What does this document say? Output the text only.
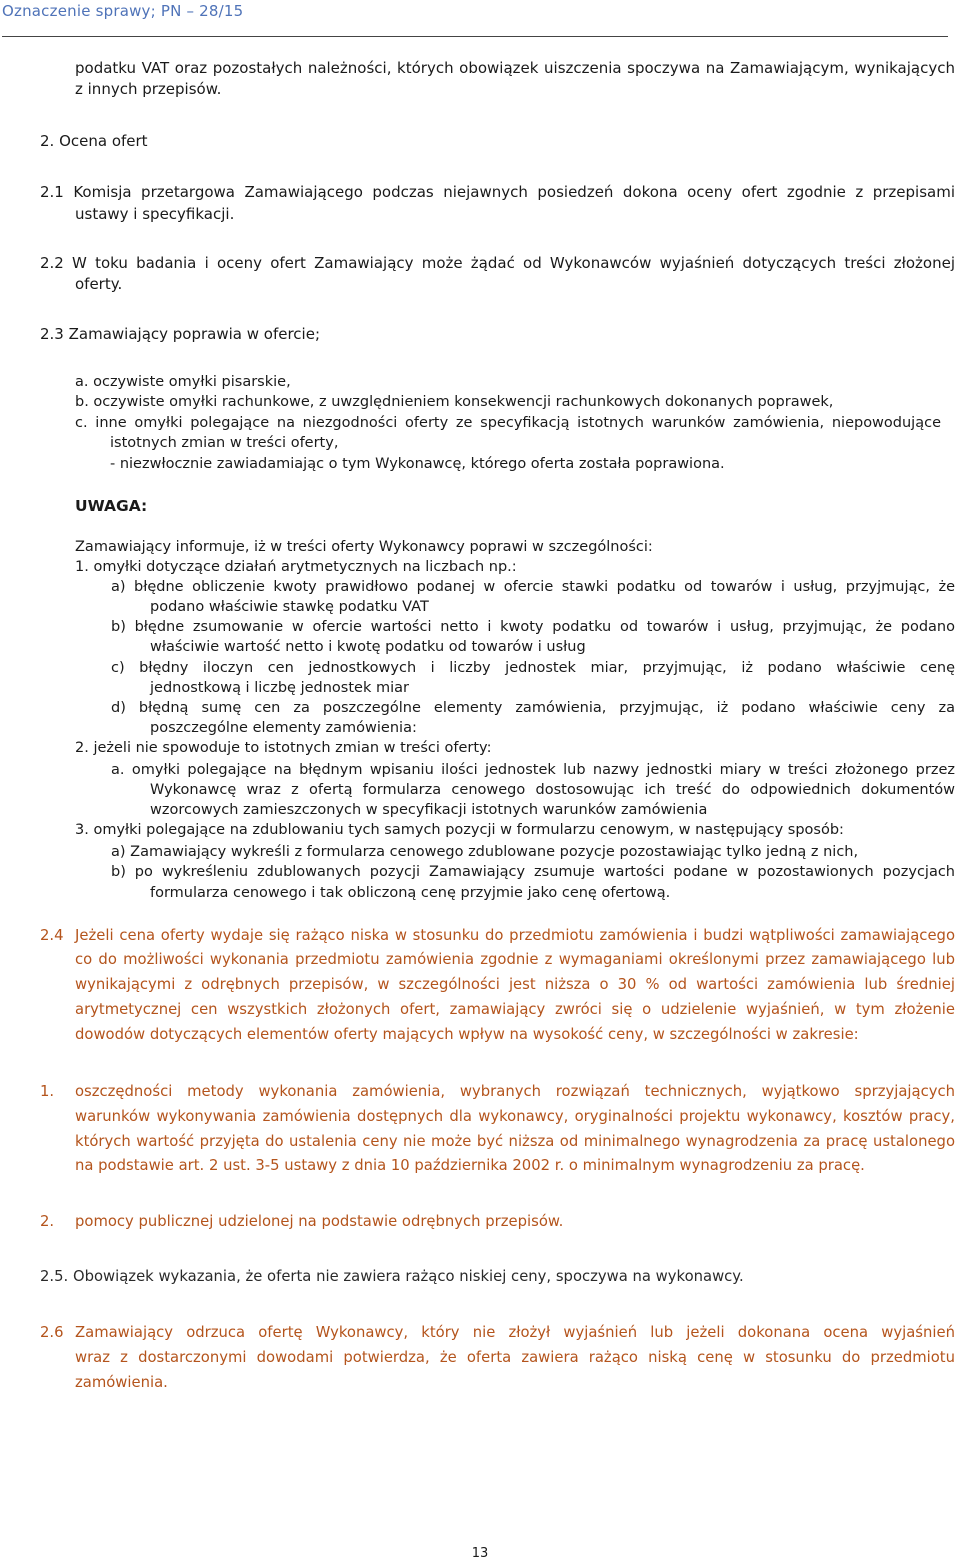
Oznaczenie sprawy; PN – 28/15
podatku VAT oraz pozostałych należności, których obowiązek uiszczenia spoczywa na Zamawiającym, wynikających
z innych przepisów.
2. Ocena ofert
2.1 Komisja przetargowa Zamawiającego podczas niejawnych posiedzeń dokona oceny ofert zgodnie z przepisami
ustawy i specyfikacji.
2.2 W toku badania i oceny ofert Zamawiający może żądać od Wykonawców wyjaśnień dotyczących treści złożonej
oferty.
2.3 Zamawiający poprawia w ofercie;
a. oczywiste omyłki pisarskie,
b. oczywiste omyłki rachunkowe, z uwzględnieniem konsekwencji rachunkowych dokonanych poprawek,
c. inne omyłki polegające na niezgodności oferty ze specyfikacją istotnych warunków zamówienia, niepowodujące
istotnych zmian w treści oferty,
- niezwłocznie zawiadamiając o tym Wykonawcę, którego oferta została poprawiona.
UWAGA:
Zamawiający informuje, iż w treści oferty Wykonawcy poprawi w szczególności:
1. omyłki dotyczące działań arytmetycznych na liczbach np.:
a) błędne obliczenie kwoty prawidłowo podanej w ofercie stawki podatku od towarów i usług, przyjmując, że
podano właściwie stawkę podatku VAT
b) błędne zsumowanie w ofercie wartości netto i kwoty podatku od towarów i usług, przyjmując, że podano
właściwie wartość netto i kwotę podatku od towarów i usług
c) błędny iloczyn cen jednostkowych i liczby jednostek miar, przyjmując, iż podano właściwie cenę
jednostkową i liczbę jednostek miar
d) błędną sumę cen za poszczególne elementy zamówienia, przyjmując, iż podano właściwie ceny za
poszczególne elementy zamówienia:
2. jeżeli nie spowoduje to istotnych zmian w treści oferty:
a. omyłki polegające na błędnym wpisaniu ilości jednostek lub nazwy jednostki miary w treści złożonego przez
Wykonawcę wraz z ofertą formularza cenowego dostosowując ich treść do odpowiednich dokumentów
wzorcowych zamieszczonych w specyfikacji istotnych warunków zamówienia
3. omyłki polegające na zdublowaniu tych samych pozycji w formularzu cenowym, w następujący sposób:
a) Zamawiający wykreśli z formularza cenowego zdublowane pozycje pozostawiając tylko jedną z nich,
b) po wykreśleniu zdublowanych pozycji Zamawiający zsumuje wartości podane w pozostawionych pozycjach
formularza cenowego i tak obliczoną cenę przyjmie jako cenę ofertową.
2.4 Jeżeli cena oferty wydaje się rażąco niska w stosunku do przedmiotu zamówienia i budzi wątpliwości zamawiającego
co do możliwości wykonania przedmiotu zamówienia zgodnie z wymaganiami określonymi przez zamawiającego lub
wynikającymi z odrębnych przepisów, w szczególności jest niższa o 30 % od wartości zamówienia lub średniej
arytmetycznej cen wszystkich złożonych ofert, zamawiający zwróci się o udzielenie wyjaśnień, w tym złożenie
dowodów dotyczących elementów oferty mających wpływ na wysokość ceny, w szczególności w zakresie:
1. oszczędności metody wykonania zamówienia, wybranych rozwiązań technicznych, wyjątkowo sprzyjających
warunków wykonywania zamówienia dostępnych dla wykonawcy, oryginalności projektu wykonawcy, kosztów pracy,
których wartość przyjęta do ustalenia ceny nie może być niższa od minimalnego wynagrodzenia za pracę ustalonego
na podstawie art. 2 ust. 3-5 ustawy z dnia 10 października 2002 r. o minimalnym wynagrodzeniu za pracę.
2. pomocy publicznej udzielonej na podstawie odrębnych przepisów.
2.5. Obowiązek wykazania, że oferta nie zawiera rażąco niskiej ceny, spoczywa na wykonawcy.
2.6 Zamawiający odrzuca ofertę Wykonawcy, który nie złożył wyjaśnień lub jeżeli dokonana ocena wyjaśnień
wraz z dostarczonymi dowodami potwierdza, że oferta zawiera rażąco niską cenę w stosunku do przedmiotu
zamówienia.
13
